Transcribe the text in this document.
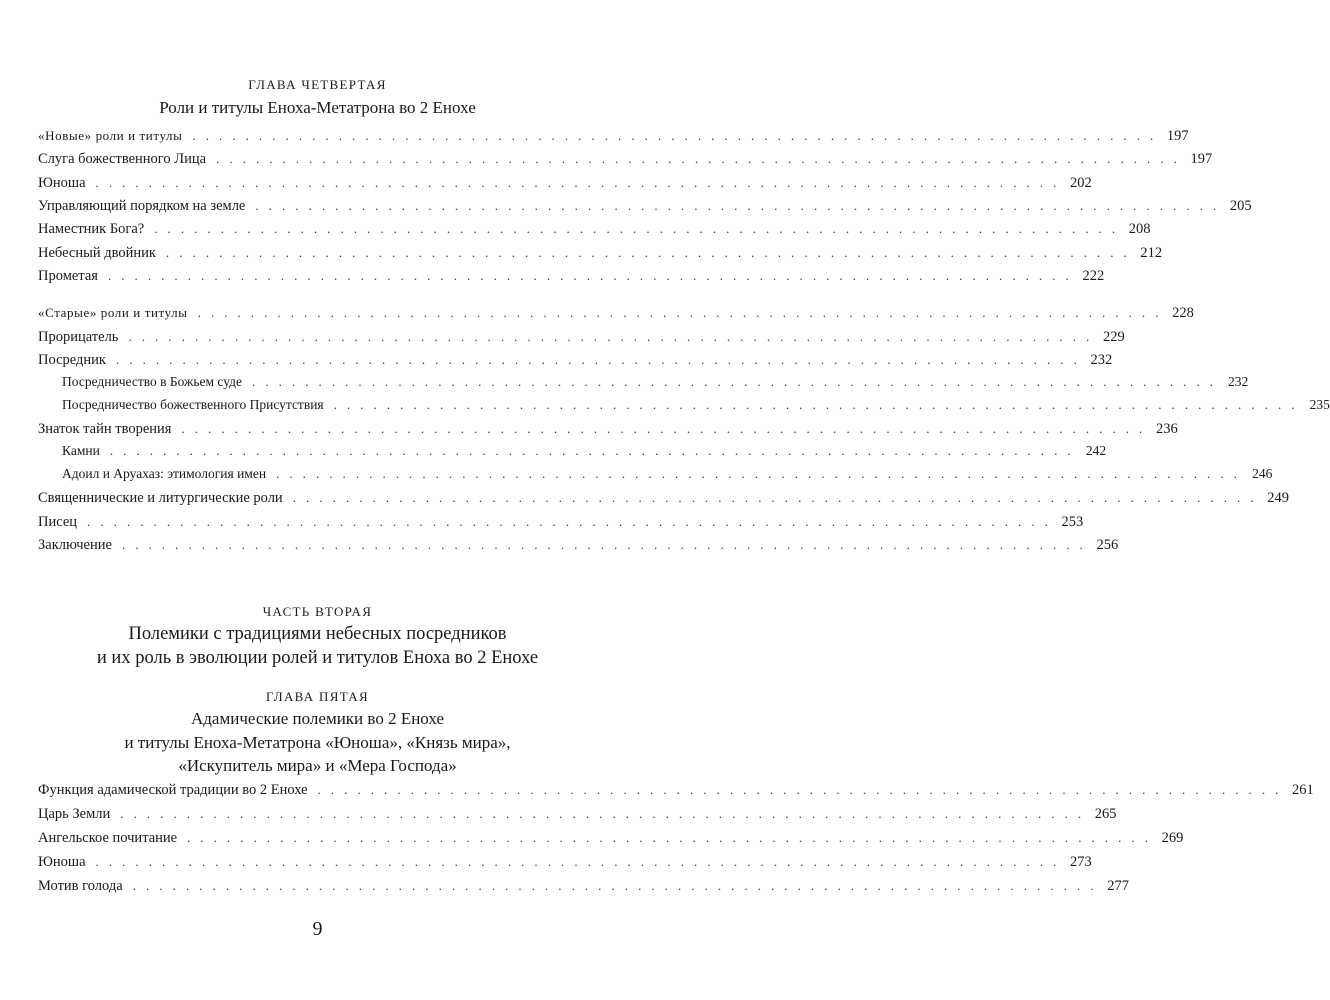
ГЛАВА ЧЕТВЕРТАЯ
Роли и титулы Еноха-Метатрона во 2 Енохе
«Новые» роли и титулы . . . . . . . . . . . . . . . . . . . . . . . . . . . . . . . . . . . . . . . . . . . . . . . . . . . . . . . . . . . . . . . . . . . . . . . . . 197
Слуга божественного Лица . . . . . . . . . . . . . . . . . . . . . . . . . . . . . . . . . . . . . . . . . . . . . . . . . . . . . . . . . . . . . . . . . . . . . . . . . 197
Юноша . . . . . . . . . . . . . . . . . . . . . . . . . . . . . . . . . . . . . . . . . . . . . . . . . . . . . . . . . . . . . . . . . . . . . . . . . 202
Управляющий порядком на земле . . . . . . . . . . . . . . . . . . . . . . . . . . . . . . . . . . . . . . . . . . . . . . . . . . . . . . . . . . . . . . . . . . . . . . . . . 205
Наместник Бога? . . . . . . . . . . . . . . . . . . . . . . . . . . . . . . . . . . . . . . . . . . . . . . . . . . . . . . . . . . . . . . . . . . . . . . . . . 208
Небесный двойник . . . . . . . . . . . . . . . . . . . . . . . . . . . . . . . . . . . . . . . . . . . . . . . . . . . . . . . . . . . . . . . . . . . . . . . . . 212
Прометая . . . . . . . . . . . . . . . . . . . . . . . . . . . . . . . . . . . . . . . . . . . . . . . . . . . . . . . . . . . . . . . . . . . . . . . . . 222
«Старые» роли и титулы . . . . . . . . . . . . . . . . . . . . . . . . . . . . . . . . . . . . . . . . . . . . . . . . . . . . . . . . . . . . . . . . . . . . . . . . . 228
Прорицатель . . . . . . . . . . . . . . . . . . . . . . . . . . . . . . . . . . . . . . . . . . . . . . . . . . . . . . . . . . . . . . . . . . . . . . . . . 229
Посредник . . . . . . . . . . . . . . . . . . . . . . . . . . . . . . . . . . . . . . . . . . . . . . . . . . . . . . . . . . . . . . . . . . . . . . . . . 232
Посредничество в Божьем суде . . . . . . . . . . . . . . . . . . . . . . . . . . . . . . . . . . . . . . . . . . . . . . . . . . . . . . . . . . . . . . . . . . . . . . . . . 232
Посредничество божественного Присутствия . . . . . . . . . . . . . . . . . . . . . . . . . . . . . . . . . . . . . . . . . . . . . . . . . . . . . . . . . . . . . . . . . . . . . . . . . 235
Знаток тайн творения . . . . . . . . . . . . . . . . . . . . . . . . . . . . . . . . . . . . . . . . . . . . . . . . . . . . . . . . . . . . . . . . . . . . . . . . . 236
Камни . . . . . . . . . . . . . . . . . . . . . . . . . . . . . . . . . . . . . . . . . . . . . . . . . . . . . . . . . . . . . . . . . . . . . . . . . 242
Адоил и Аруахаз: этимология имен . . . . . . . . . . . . . . . . . . . . . . . . . . . . . . . . . . . . . . . . . . . . . . . . . . . . . . . . . . . . . . . . . . . . . . . . . 246
Священнические и литургические роли . . . . . . . . . . . . . . . . . . . . . . . . . . . . . . . . . . . . . . . . . . . . . . . . . . . . . . . . . . . . . . . . . . . . . . . . . 249
Писец . . . . . . . . . . . . . . . . . . . . . . . . . . . . . . . . . . . . . . . . . . . . . . . . . . . . . . . . . . . . . . . . . . . . . . . . . 253
Заключение . . . . . . . . . . . . . . . . . . . . . . . . . . . . . . . . . . . . . . . . . . . . . . . . . . . . . . . . . . . . . . . . . . . . . . . . . 256
ЧАСТЬ ВТОРАЯ
Полемики с традициями небесных посредников
и их роль в эволюции ролей и титулов Еноха во 2 Енохе
ГЛАВА ПЯТАЯ
Адамические полемики во 2 Енохе
и титулы Еноха-Метатрона «Юноша», «Князь мира»,
«Искупитель мира» и «Мера Господа»
Функция адамической традиции во 2 Енохе . . . . . . . . . . . . . . . . . . . . . . . . . . . . . . . . . . . . . . . . . . . . . . . . . . . . . . . . . . . . . . . . . . . . . . . . . 261
Царь Земли . . . . . . . . . . . . . . . . . . . . . . . . . . . . . . . . . . . . . . . . . . . . . . . . . . . . . . . . . . . . . . . . . . . . . . . . . 265
Ангельское почитание . . . . . . . . . . . . . . . . . . . . . . . . . . . . . . . . . . . . . . . . . . . . . . . . . . . . . . . . . . . . . . . . . . . . . . . . . 269
Юноша . . . . . . . . . . . . . . . . . . . . . . . . . . . . . . . . . . . . . . . . . . . . . . . . . . . . . . . . . . . . . . . . . . . . . . . . . 273
Мотив голода . . . . . . . . . . . . . . . . . . . . . . . . . . . . . . . . . . . . . . . . . . . . . . . . . . . . . . . . . . . . . . . . . . . . . . . . . 277
9
